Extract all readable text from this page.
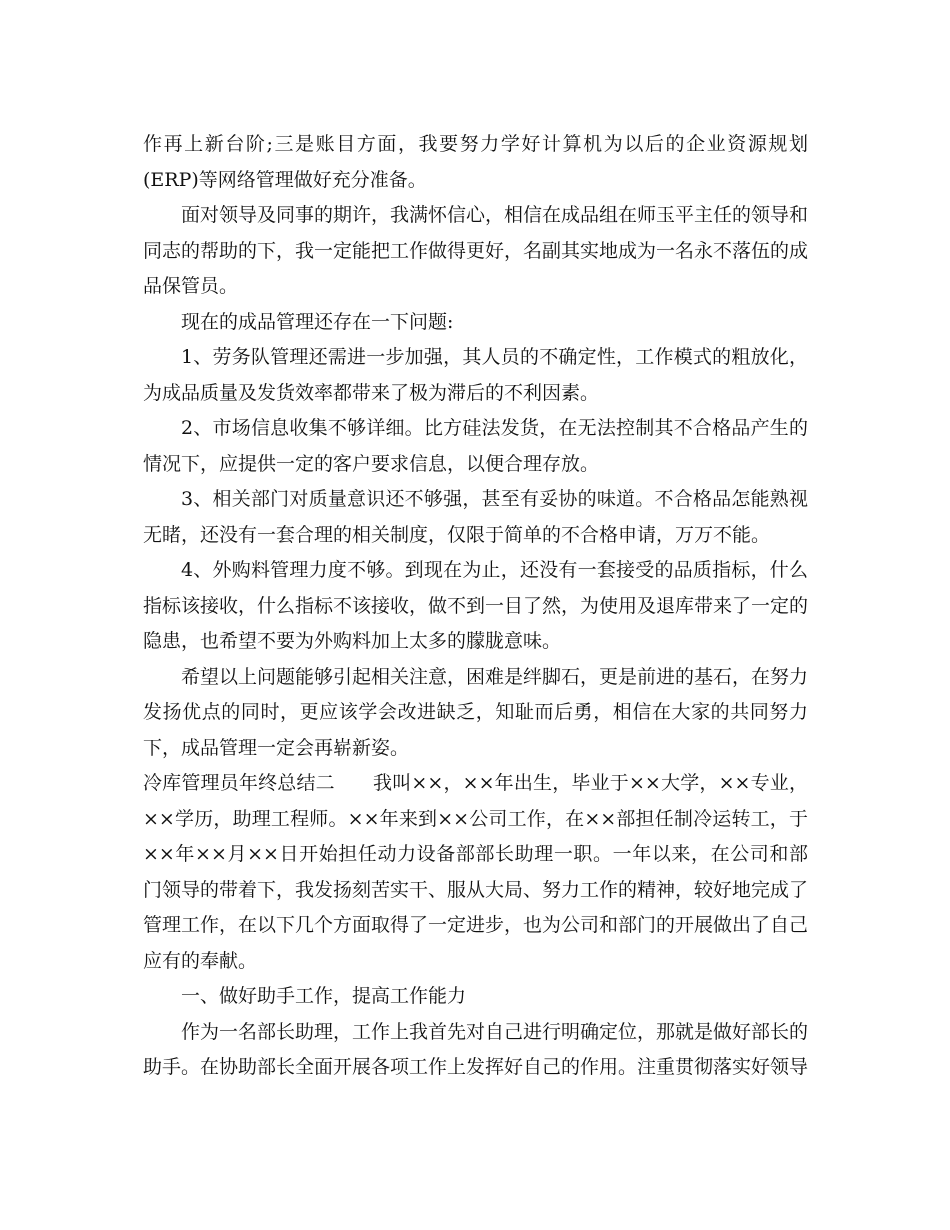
作再上新台阶;三是账目方面，我要努力学好计算机为以后的企业资源规划(ERP)等网络管理做好充分准备。

面对领导及同事的期许，我满怀信心，相信在成品组在师玉平主任的领导和同志的帮助的下，我一定能把工作做得更好，名副其实地成为一名永不落伍的成品保管员。

现在的成品管理还存在一下问题:

1、劳务队管理还需进一步加强，其人员的不确定性，工作模式的粗放化，为成品质量及发货效率都带来了极为滞后的不利因素。

2、市场信息收集不够详细。比方硅法发货，在无法控制其不合格品产生的情况下，应提供一定的客户要求信息，以便合理存放。

3、相关部门对质量意识还不够强，甚至有妥协的味道。不合格品怎能熟视无睹，还没有一套合理的相关制度，仅限于简单的不合格申请，万万不能。

4、外购料管理力度不够。到现在为止，还没有一套接受的品质指标，什么指标该接收，什么指标不该接收，做不到一目了然，为使用及退库带来了一定的隐患，也希望不要为外购料加上太多的朦胧意味。

希望以上问题能够引起相关注意，困难是绊脚石，更是前进的基石，在努力发扬优点的同时，更应该学会改进缺乏，知耻而后勇，相信在大家的共同努力下，成品管理一定会再崭新姿。

冷库管理员年终总结二 我叫××，××年出生，毕业于××大学，××专业，××学历，助理工程师。××年来到××公司工作，在××部担任制冷运转工，于××年××月××日开始担任动力设备部部长助理一职。一年以来，在公司和部门领导的带着下，我发扬刻苦实干、服从大局、努力工作的精神，较好地完成了管理工作，在以下几个方面取得了一定进步，也为公司和部门的开展做出了自己应有的奉献。

一、做好助手工作，提高工作能力

作为一名部长助理，工作上我首先对自己进行明确定位，那就是做好部长的助手。在协助部长全面开展各项工作上发挥好自己的作用。注重贯彻落实好领导
